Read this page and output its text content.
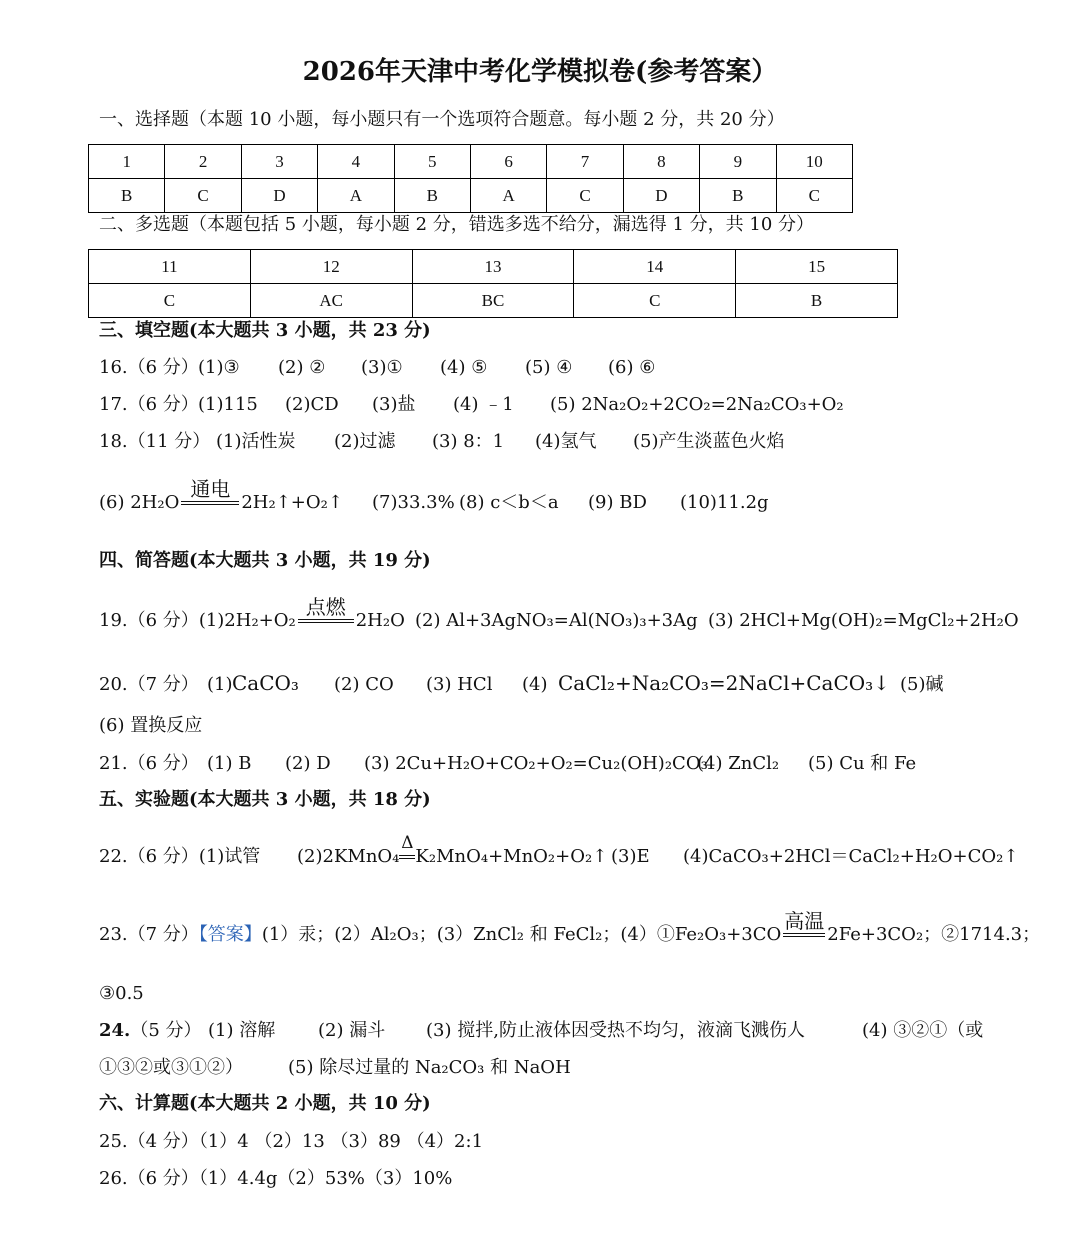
2026年天津中考化学模拟卷(参考答案）
一、选择题（本题 10 小题，每小题只有一个选项符合题意。每小题 2 分，共 20 分）
1	2	3	4	5	6	7	8	9	10
B	C	D	A	B	A	C	D	B	C
二、多选题（本题包括 5 小题，每小题 2 分，错选多选不给分，漏选得 1 分，共 10 分）
11	12	13	14	15
C	AC	BC	C	B
三、填空题(本大题共 3 小题，共 23 分)
16.（6 分） (1)③ (2) ② (3)① (4) ⑤ (5) ④ (6) ⑥
17.（6 分） (1)115 (2)CD (3)盐 (4) ﹣1 (5) 2Na₂O₂+2CO₂=2Na₂CO₃+O₂
18.（11 分） (1)活性炭 (2)过滤 (3) 8：1 (4)氢气 (5)产生淡蓝色火焰
(6) 2H₂O
通电
2H₂↑+O₂↑ (7)33.3% (8) c＜b＜a (9) BD (10)11.2g
四、简答题(本大题共 3 小题，共 19 分)
19.（6 分）(1)2H₂+O₂
点燃
2H₂O (2) Al+3AgNO₃=Al(NO₃)₃+3Ag (3) 2HCl+Mg(OH)₂=MgCl₂+2H₂O
20.（7 分） (1) CaCO₃ (2) CO (3) HCl (4) CaCl₂+Na₂CO₃=2NaCl+CaCO₃↓ (5)碱
(6) 置换反应
21.（6 分） (1) B (2) D (3) 2Cu+H₂O+CO₂+O₂=Cu₂(OH)₂CO₃
(4) ZnCl₂ (5) Cu 和 Fe
五、实验题(本大题共 3 小题，共 18 分)
22.（6 分）(1)试管 (2)2KMnO₄
Δ
K₂MnO₄+MnO₂+O₂↑ (3)E (4)CaCO₃+2HCl＝CaCl₂+H₂O+CO₂↑
23.（7 分）【答案】(1）汞；(2）Al₂O₃；(3）ZnCl₂ 和 FeCl₂；(4）①Fe₂O₃+3CO
高温
2Fe+3CO₂；②1714.3；
③0.5
24.（5 分） (1) 溶解 (2) 漏斗 (3) 搅拌,防止液体因受热不均匀，液滴飞溅伤人	(4) ③②①（或
①③②或③①②）	(5) 除尽过量的 Na₂CO₃ 和 NaOH
六、计算题(本大题共 2 小题，共 10 分)
25.（4 分）（1）4 （2）13 （3）89 （4）2:1
26.（6 分）（1）4.4g（2）53%（3）10%
